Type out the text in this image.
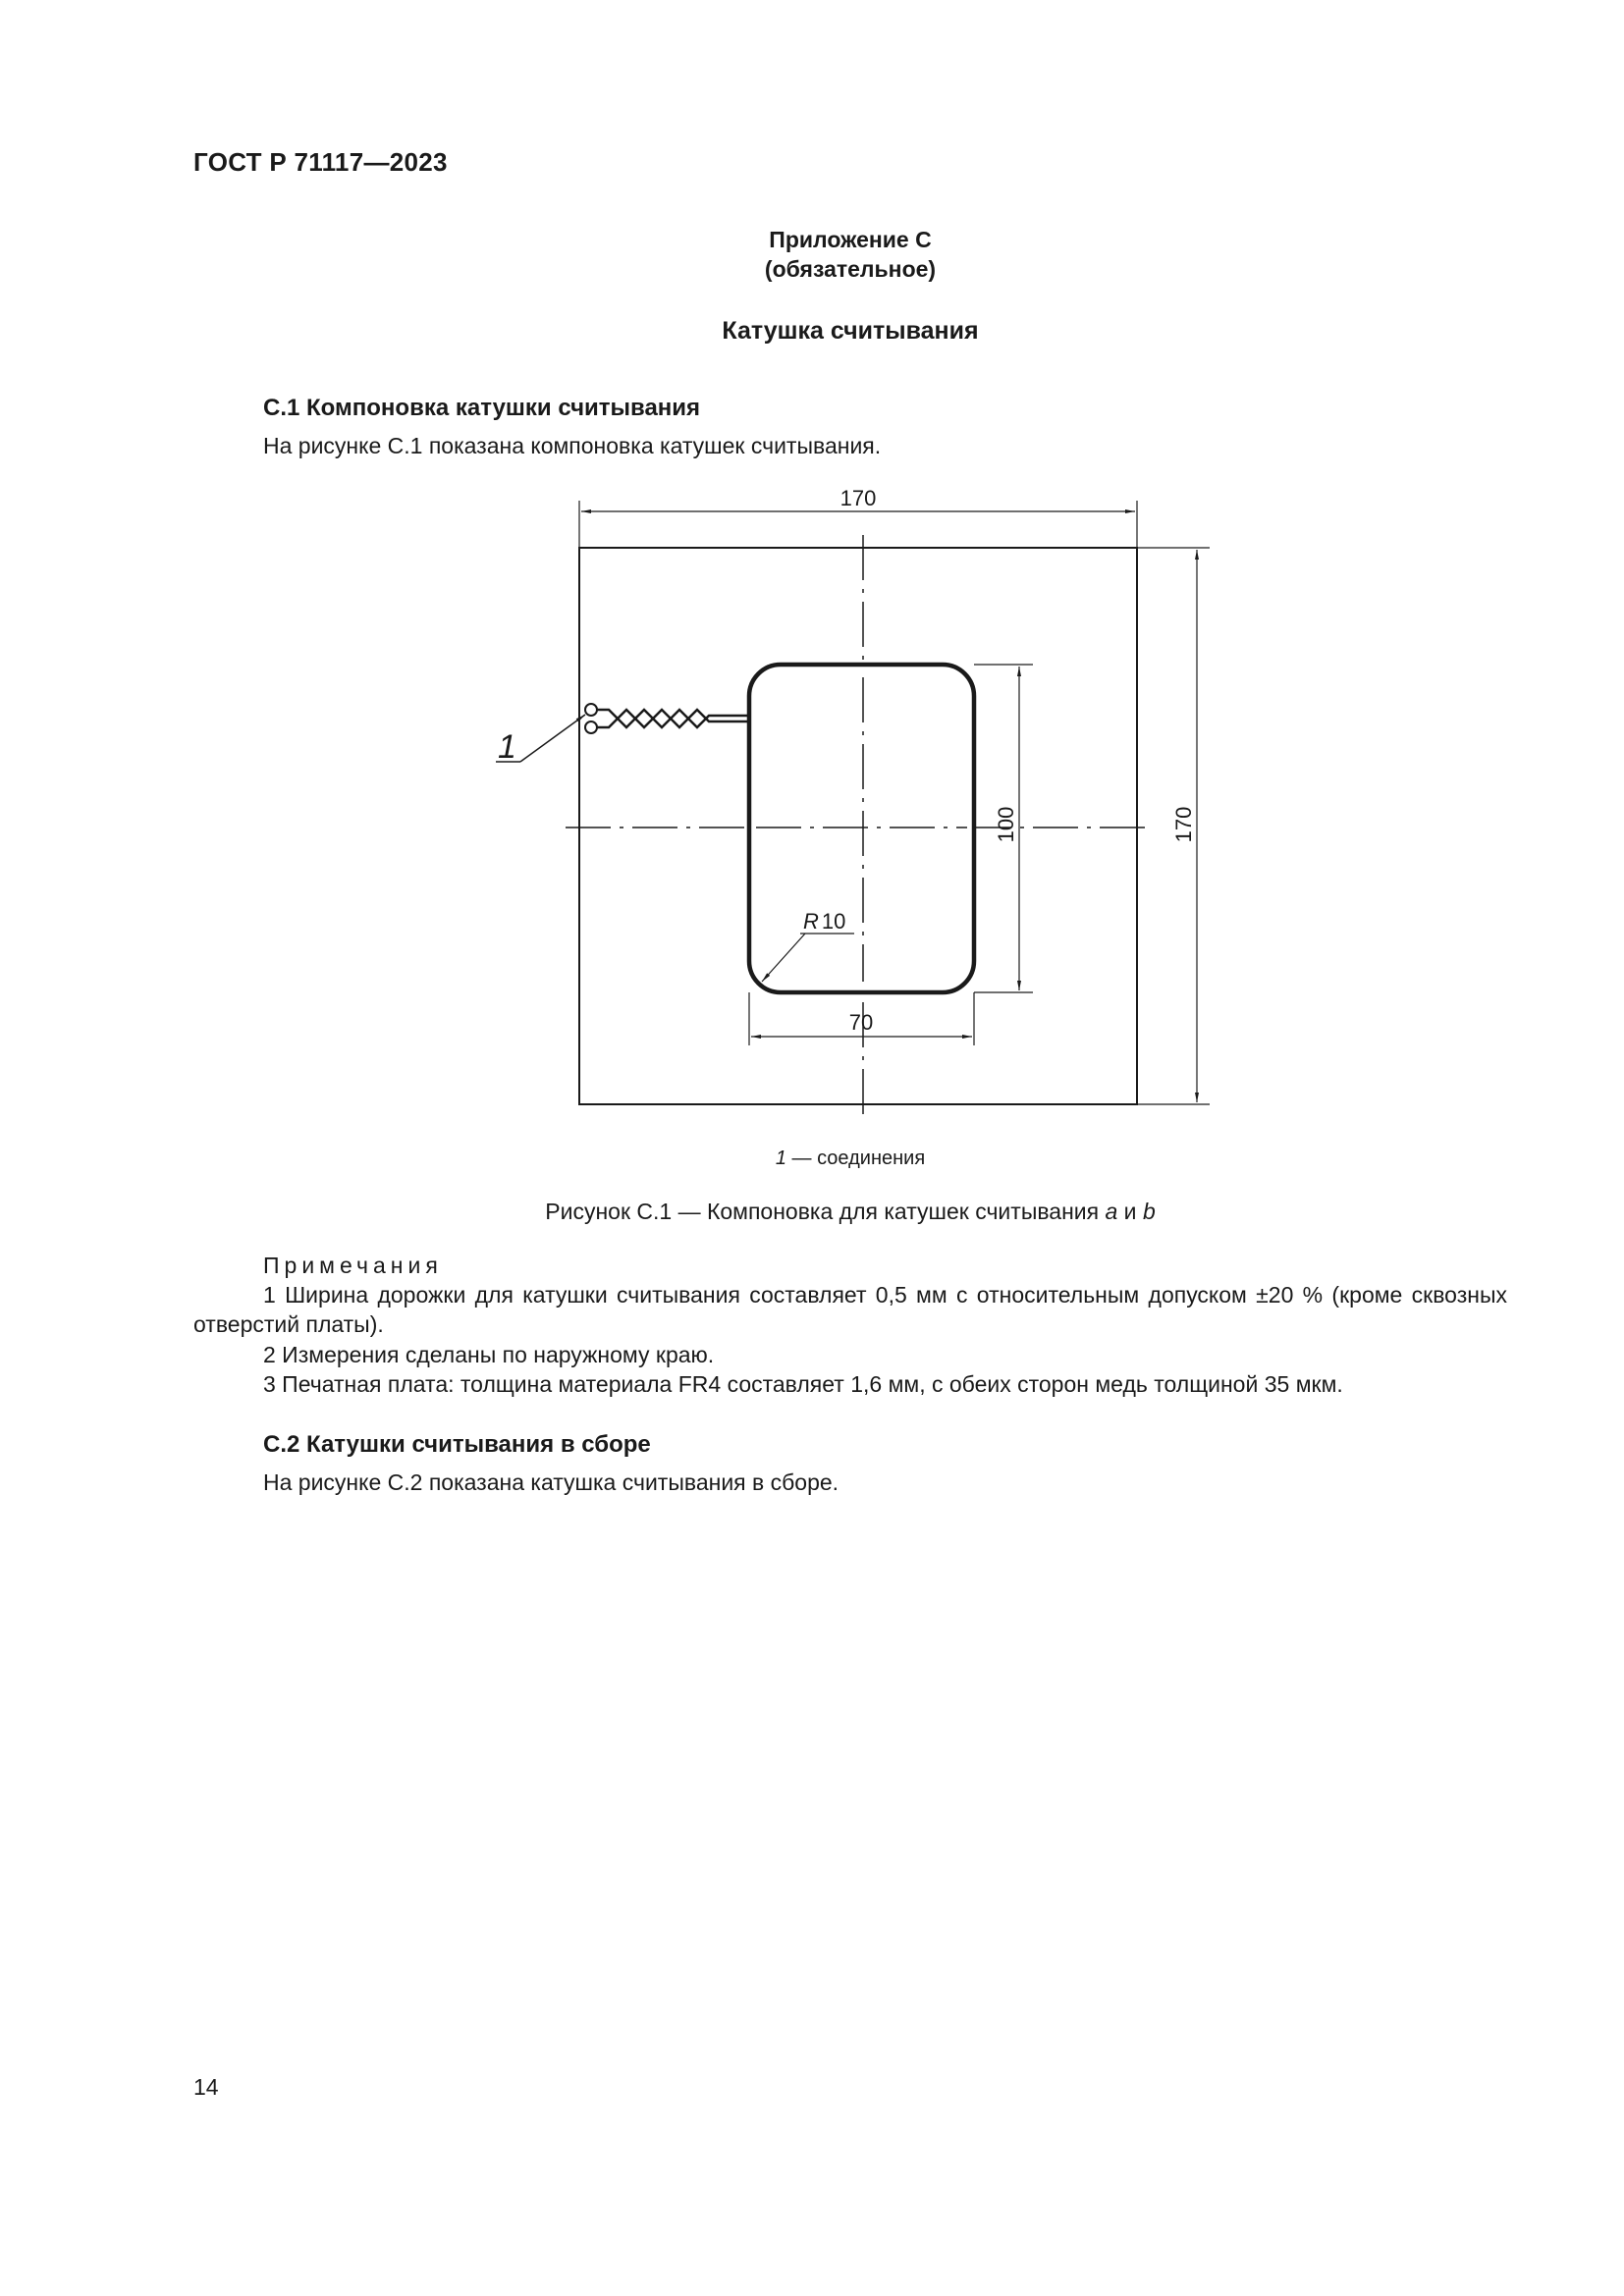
ГОСТ Р 71117—2023
Приложение С
(обязательное)
Катушка считывания
С.1 Компоновка катушки считывания
На рисунке С.1 показана компоновка катушек считывания.
1
170
170
100
70
R 10
1 — соединения
Рисунок С.1 — Компоновка для катушек считывания a и b
Примечания
1 Ширина дорожки для катушки считывания составляет 0,5 мм с относительным допуском ±20 % (кроме сквозных отверстий платы).
2 Измерения сделаны по наружному краю.
3 Печатная плата: толщина материала FR4 составляет 1,6 мм, с обеих сторон медь толщиной 35 мкм.
С.2 Катушки считывания в сборе
На рисунке С.2 показана катушка считывания в сборе.
14
